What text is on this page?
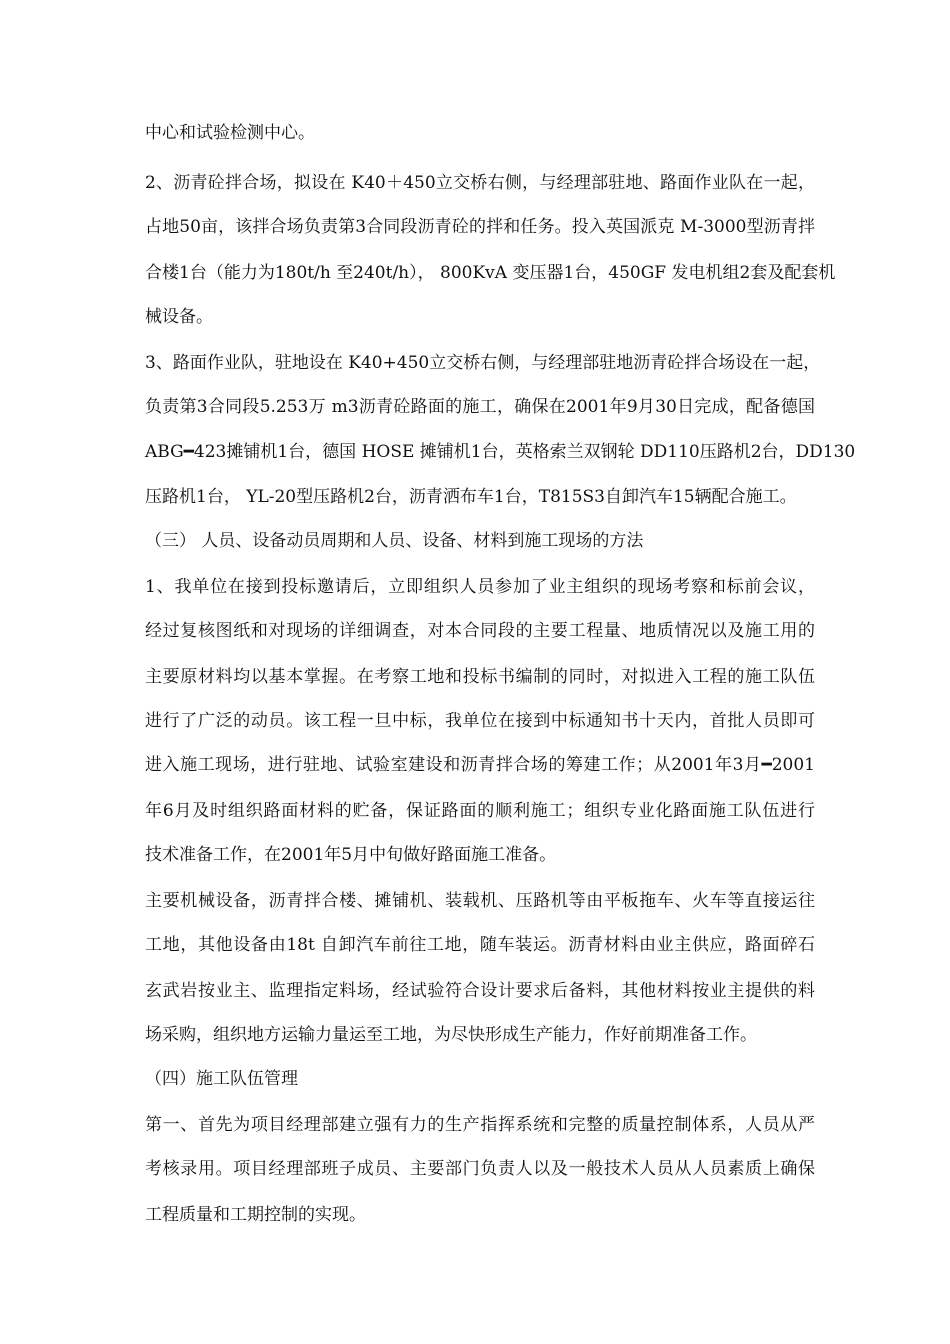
中心和试验检测中心。
2、沥青砼拌合场，拟设在 K40＋450立交桥右侧，与经理部驻地、路面作业队在一起，
占地50亩，该拌合场负责第3合同段沥青砼的拌和任务。投入英国派克 M-3000型沥青拌
合楼1台（能力为180t/h 至240t/h）， 800KvA 变压器1台，450GF 发电机组2套及配套机
械设备。
3、路面作业队，驻地设在 K40+450立交桥右侧，与经理部驻地沥青砼拌合场设在一起，
负责第3合同段5.253万 m3沥青砼路面的施工，确保在2001年9月30日完成，配备德国
ABG━423摊铺机1台，德国 HOSE 摊铺机1台，英格索兰双钢轮 DD110压路机2台，DD130
压路机1台， YL-20型压路机2台，沥青洒布车1台，T815S3自卸汽车15辆配合施工。
（三） 人员、设备动员周期和人员、设备、材料到施工现场的方法
1、我单位在接到投标邀请后，立即组织人员参加了业主组织的现场考察和标前会议，
经过复核图纸和对现场的详细调查，对本合同段的主要工程量、地质情况以及施工用的
主要原材料均以基本掌握。在考察工地和投标书编制的同时，对拟进入工程的施工队伍
进行了广泛的动员。该工程一旦中标，我单位在接到中标通知书十天内，首批人员即可
进入施工现场，进行驻地、试验室建设和沥青拌合场的筹建工作；从2001年3月━2001
年6月及时组织路面材料的贮备，保证路面的顺利施工；组织专业化路面施工队伍进行
技术准备工作，在2001年5月中旬做好路面施工准备。
主要机械设备，沥青拌合楼、摊铺机、装载机、压路机等由平板拖车、火车等直接运往
工地，其他设备由18t 自卸汽车前往工地，随车装运。沥青材料由业主供应，路面碎石
玄武岩按业主、监理指定料场，经试验符合设计要求后备料，其他材料按业主提供的料
场采购，组织地方运输力量运至工地，为尽快形成生产能力，作好前期准备工作。
（四）施工队伍管理
第一、首先为项目经理部建立强有力的生产指挥系统和完整的质量控制体系，人员从严
考核录用。项目经理部班子成员、主要部门负责人以及一般技术人员从人员素质上确保
工程质量和工期控制的实现。
